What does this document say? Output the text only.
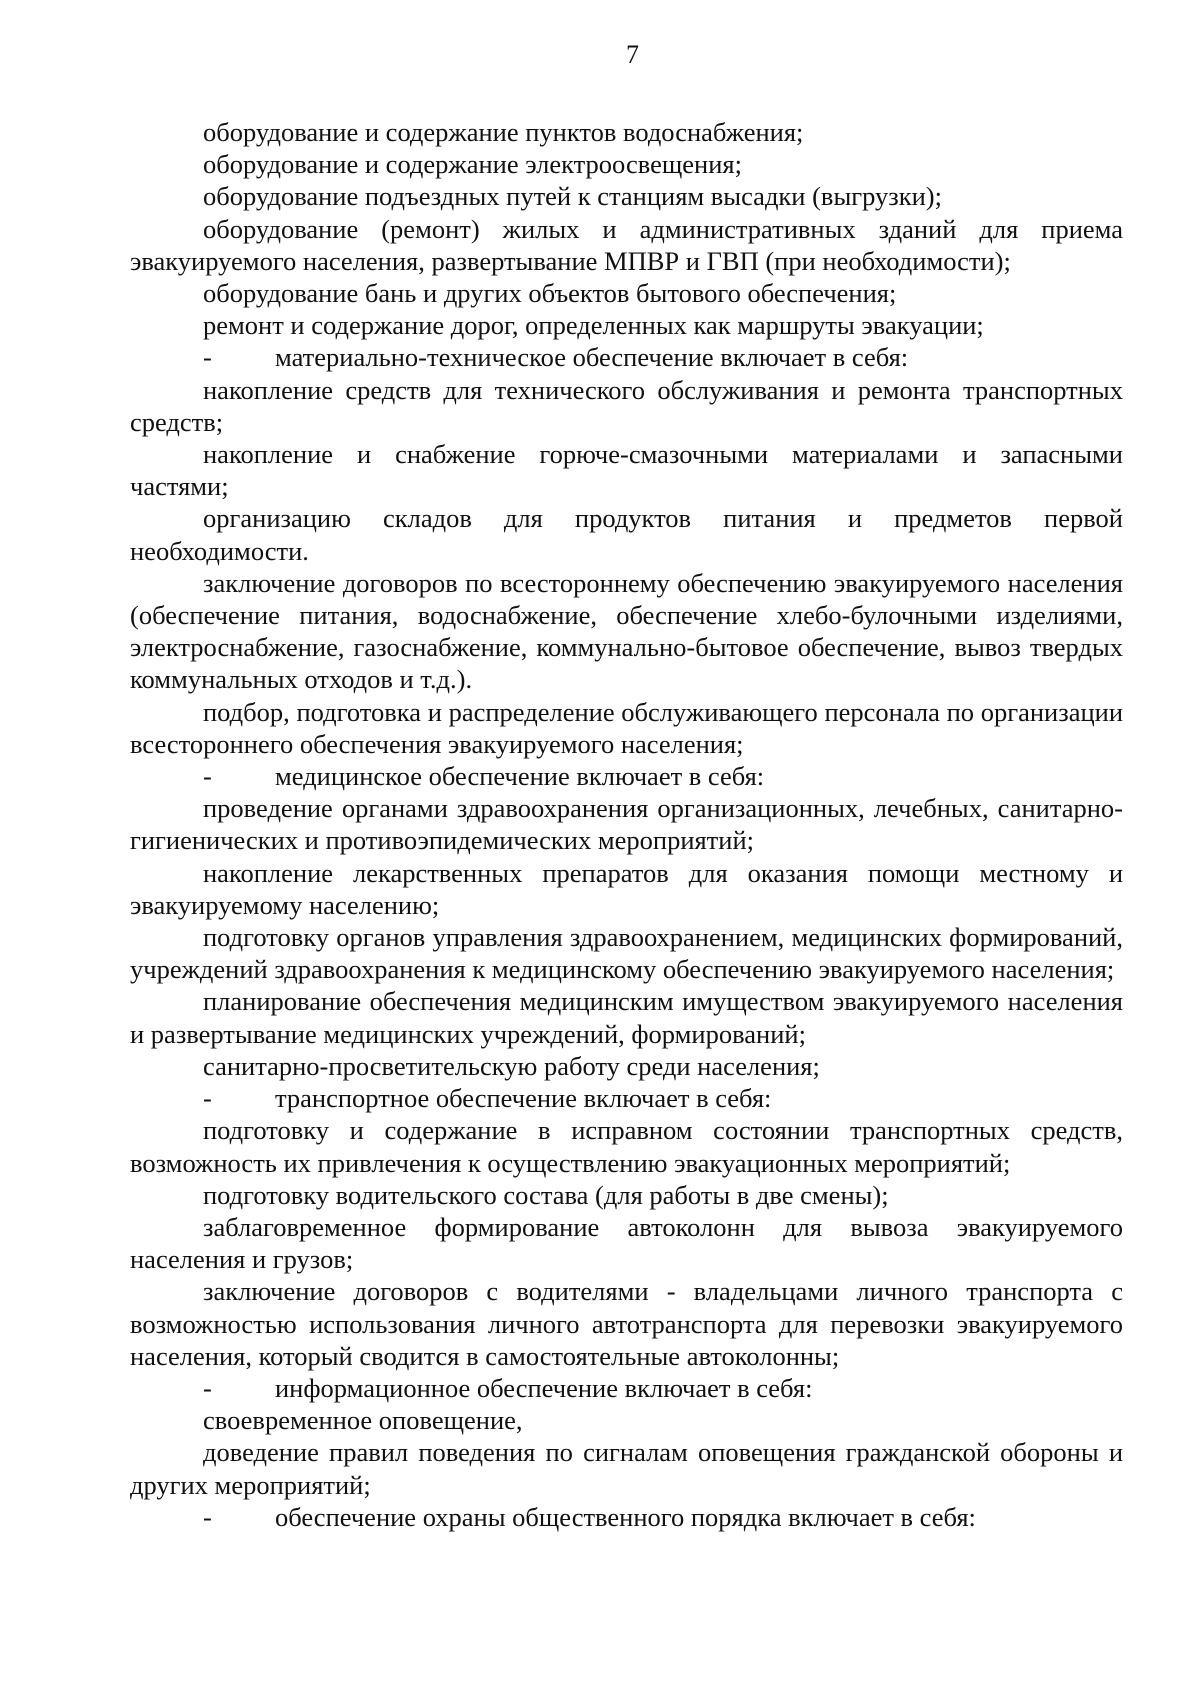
7

оборудование и содержание пунктов водоснабжения;

оборудование и содержание электроосвещения;

оборудование подъездных путей к станциям высадки (выгрузки);

оборудование (ремонт) жилых и административных зданий для приема эвакуируемого населения, развертывание МПВР и ГВП (при необходимости);

оборудование бань и других объектов бытового обеспечения;

ремонт и содержание дорог, определенных как маршруты эвакуации;

- материально-техническое обеспечение включает в себя:

накопление средств для технического обслуживания и ремонта транспортных средств;

накопление и снабжение горюче-смазочными материалами и запасными частями;

организацию складов для продуктов питания и предметов первой необходимости.

заключение договоров по всестороннему обеспечению эвакуируемого населения (обеспечение питания, водоснабжение, обеспечение хлебо-булочными изделиями, электроснабжение, газоснабжение, коммунально-бытовое обеспечение, вывоз твердых коммунальных отходов и т.д.).

подбор, подготовка и распределение обслуживающего персонала по организации всестороннего обеспечения эвакуируемого населения;

- медицинское обеспечение включает в себя:

проведение органами здравоохранения организационных, лечебных, санитарно-гигиенических и противоэпидемических мероприятий;

накопление лекарственных препаратов для оказания помощи местному и эвакуируемому населению;

подготовку органов управления здравоохранением, медицинских формирований, учреждений здравоохранения к медицинскому обеспечению эвакуируемого населения;

планирование обеспечения медицинским имуществом эвакуируемого населения и развертывание медицинских учреждений, формирований;

санитарно-просветительскую работу среди населения;

- транспортное обеспечение включает в себя:

подготовку и содержание в исправном состоянии транспортных средств, возможность их привлечения к осуществлению эвакуационных мероприятий;

подготовку водительского состава (для работы в две смены);

заблаговременное формирование автоколонн для вывоза эвакуируемого населения и грузов;

заключение договоров с водителями - владельцами личного транспорта с возможностью использования личного автотранспорта для перевозки эвакуируемого населения, который сводится в самостоятельные автоколонны;

- информационное обеспечение включает в себя:

своевременное оповещение,

доведение правил поведения по сигналам оповещения гражданской обороны и других мероприятий;

- обеспечение охраны общественного порядка включает в себя:
